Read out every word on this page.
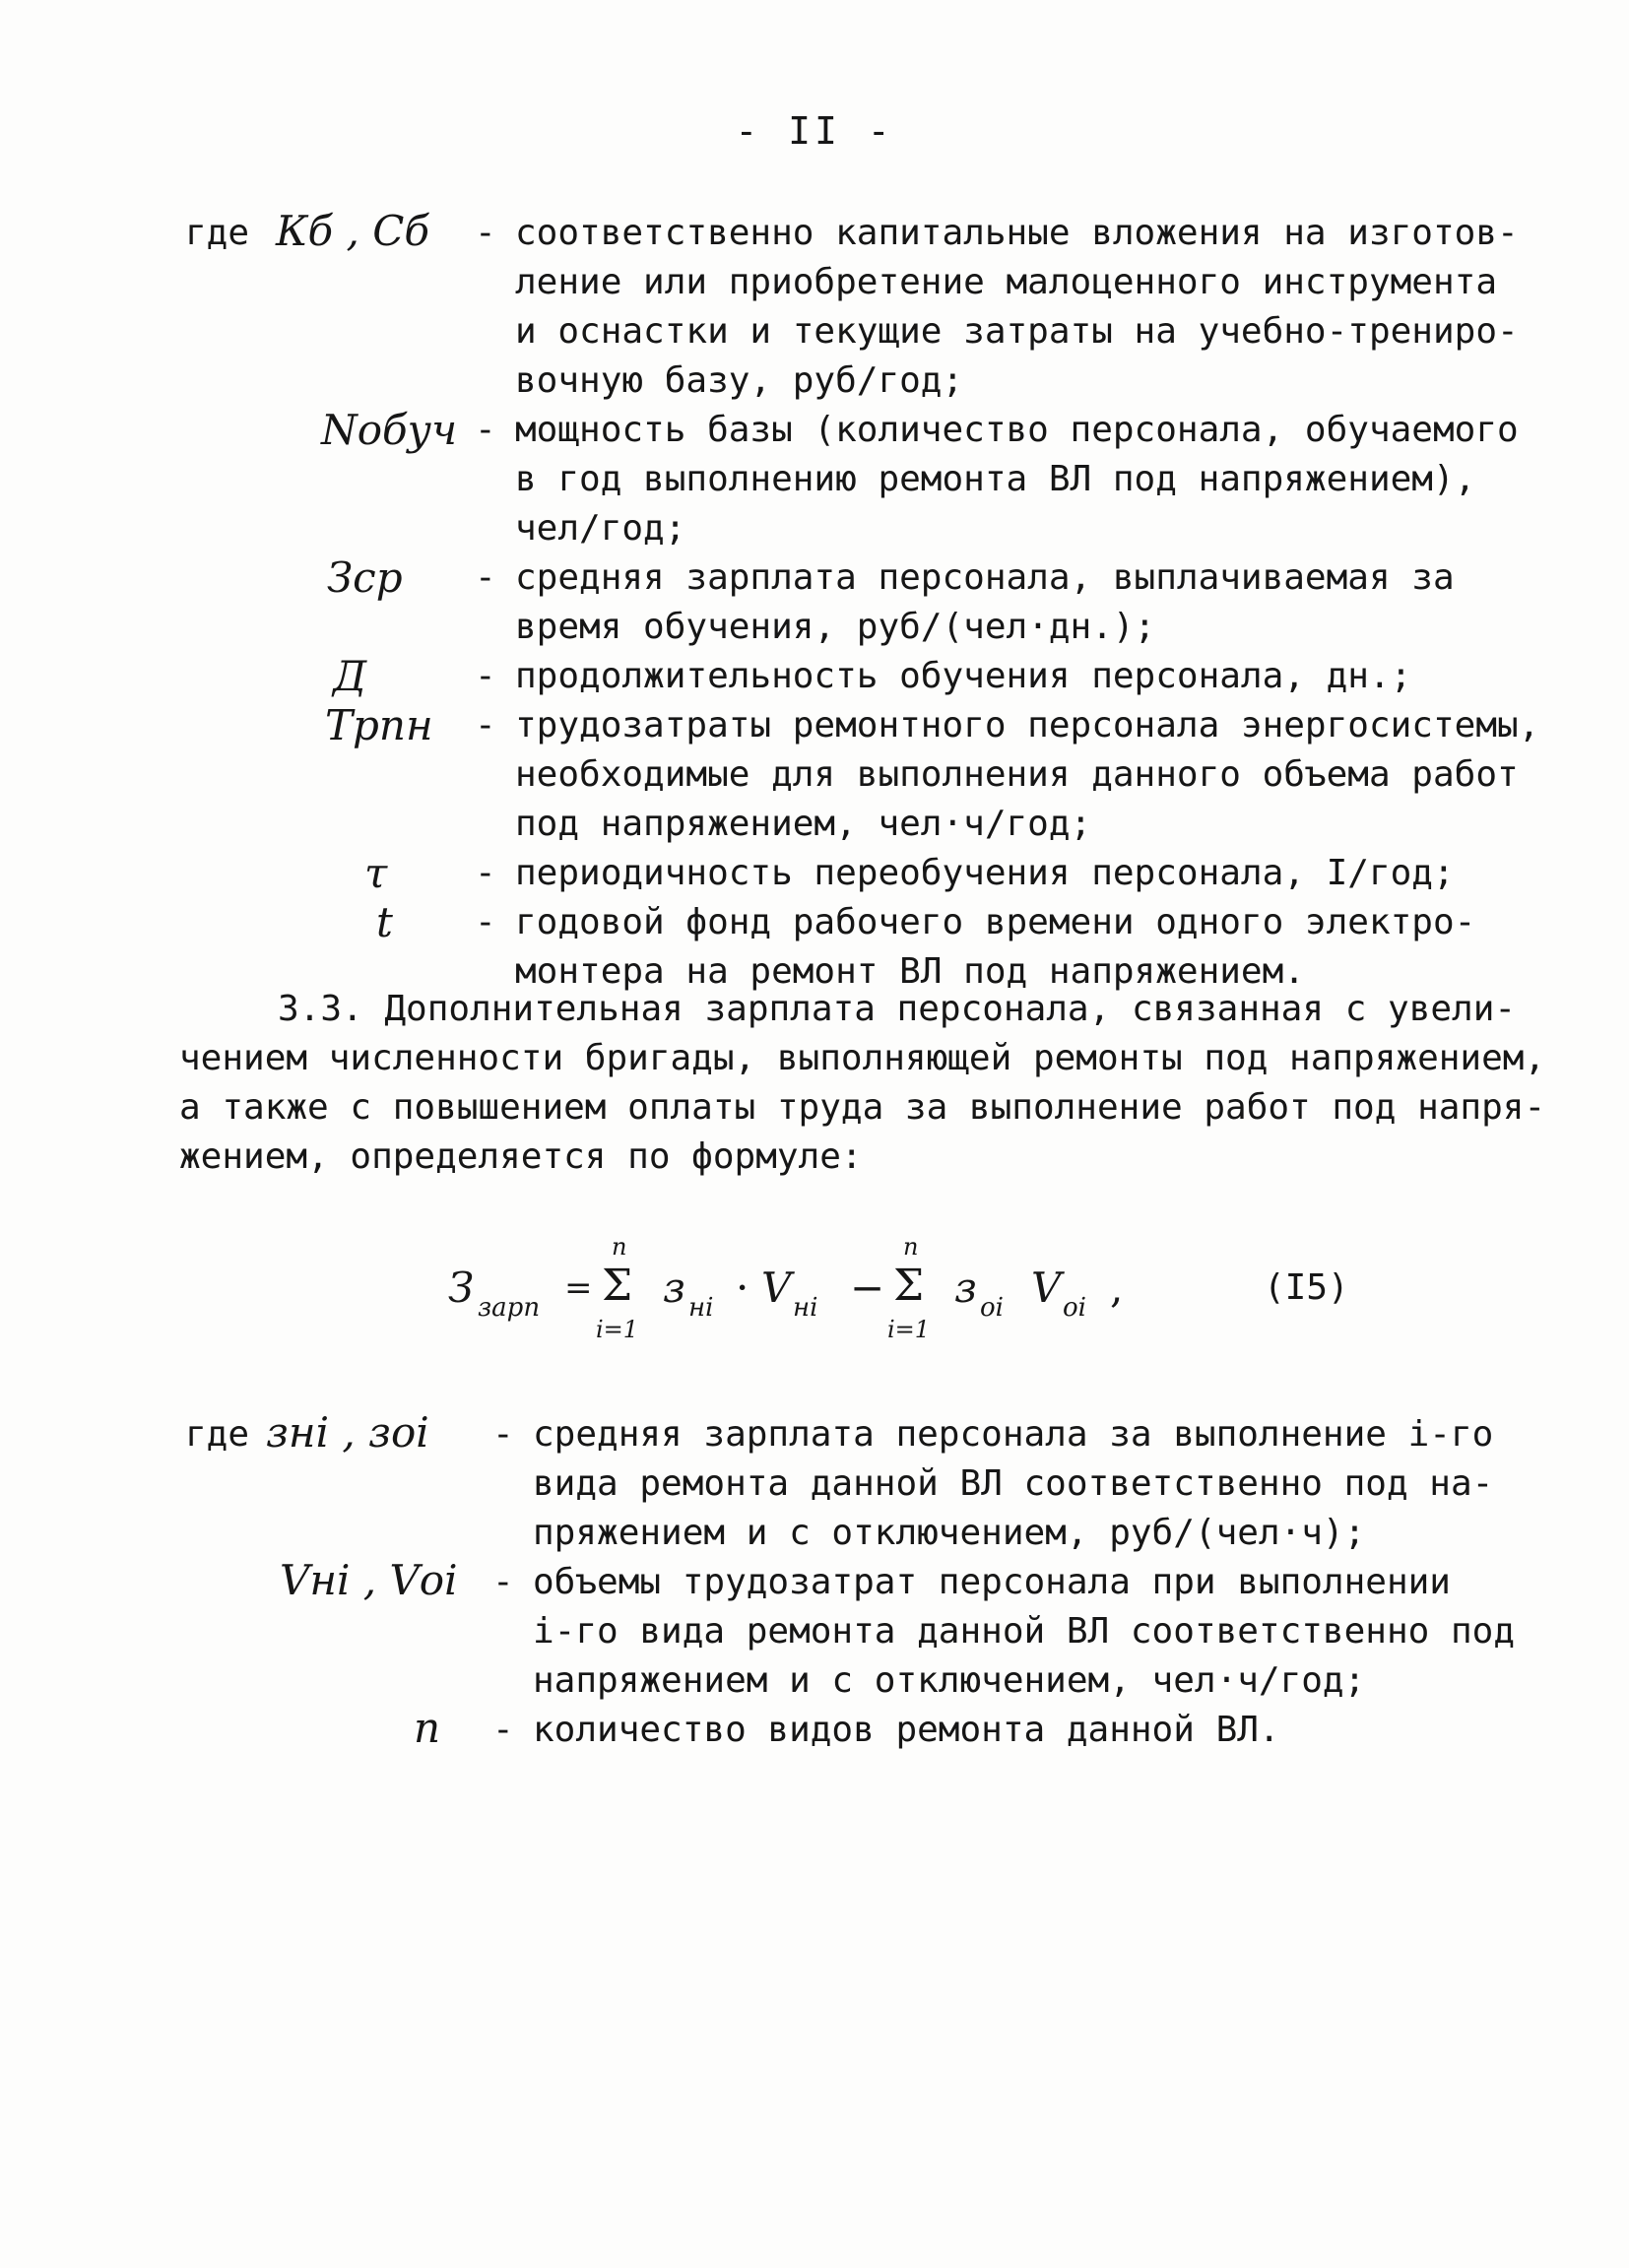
- II -
где Кб , Сб - соответственно капитальные вложения на изготов-
ление или приобретение малоценного инструмента
и оснастки и текущие затраты на учебно-трениро-
вочную базу, руб/год;

Nобуч - мощность базы (количество персонала, обучаемого
в год выполнению ремонта ВЛ под напряжением),
чел/год;

Зср - средняя зарплата персонала, выплачиваемая за
время обучения, руб/(чел·дн.);

Д	- продолжительность обучения персонала, дн.;

Трпн - трудозатраты ремонтного персонала энергосистемы,
необходимые для выполнения данного объема работ
под напряжением, чел·ч/год;

τ - периодичность переобучения персонала, I/год;

t - годовой фонд рабочего времени одного электро-
монтера на ремонт ВЛ под напряжением.

чением численности бригады, выполняющей ремонты под напряжением,
а также с повышением оплаты труда за выполнение работ под напря-
жением, определяется по формуле:

3.3. Дополнительная зарплата персонала, связанная с увели-

З зарп =
n
Σ
i=1
з нi · V нi −
n
Σ
i=1
з оi V оi ,	(I5)
где знi , зоi - средняя зарплата персонала за выполнение i-го
вида ремонта данной ВЛ соответственно под на-
пряжением и с отключением, руб/(чел·ч);

Vнi , Vоi - объемы трудозатрат персонала при выполнении
i-го вида ремонта данной ВЛ соответственно под
напряжением и с отключением, чел·ч/год;

n - количество видов ремонта данной ВЛ.
